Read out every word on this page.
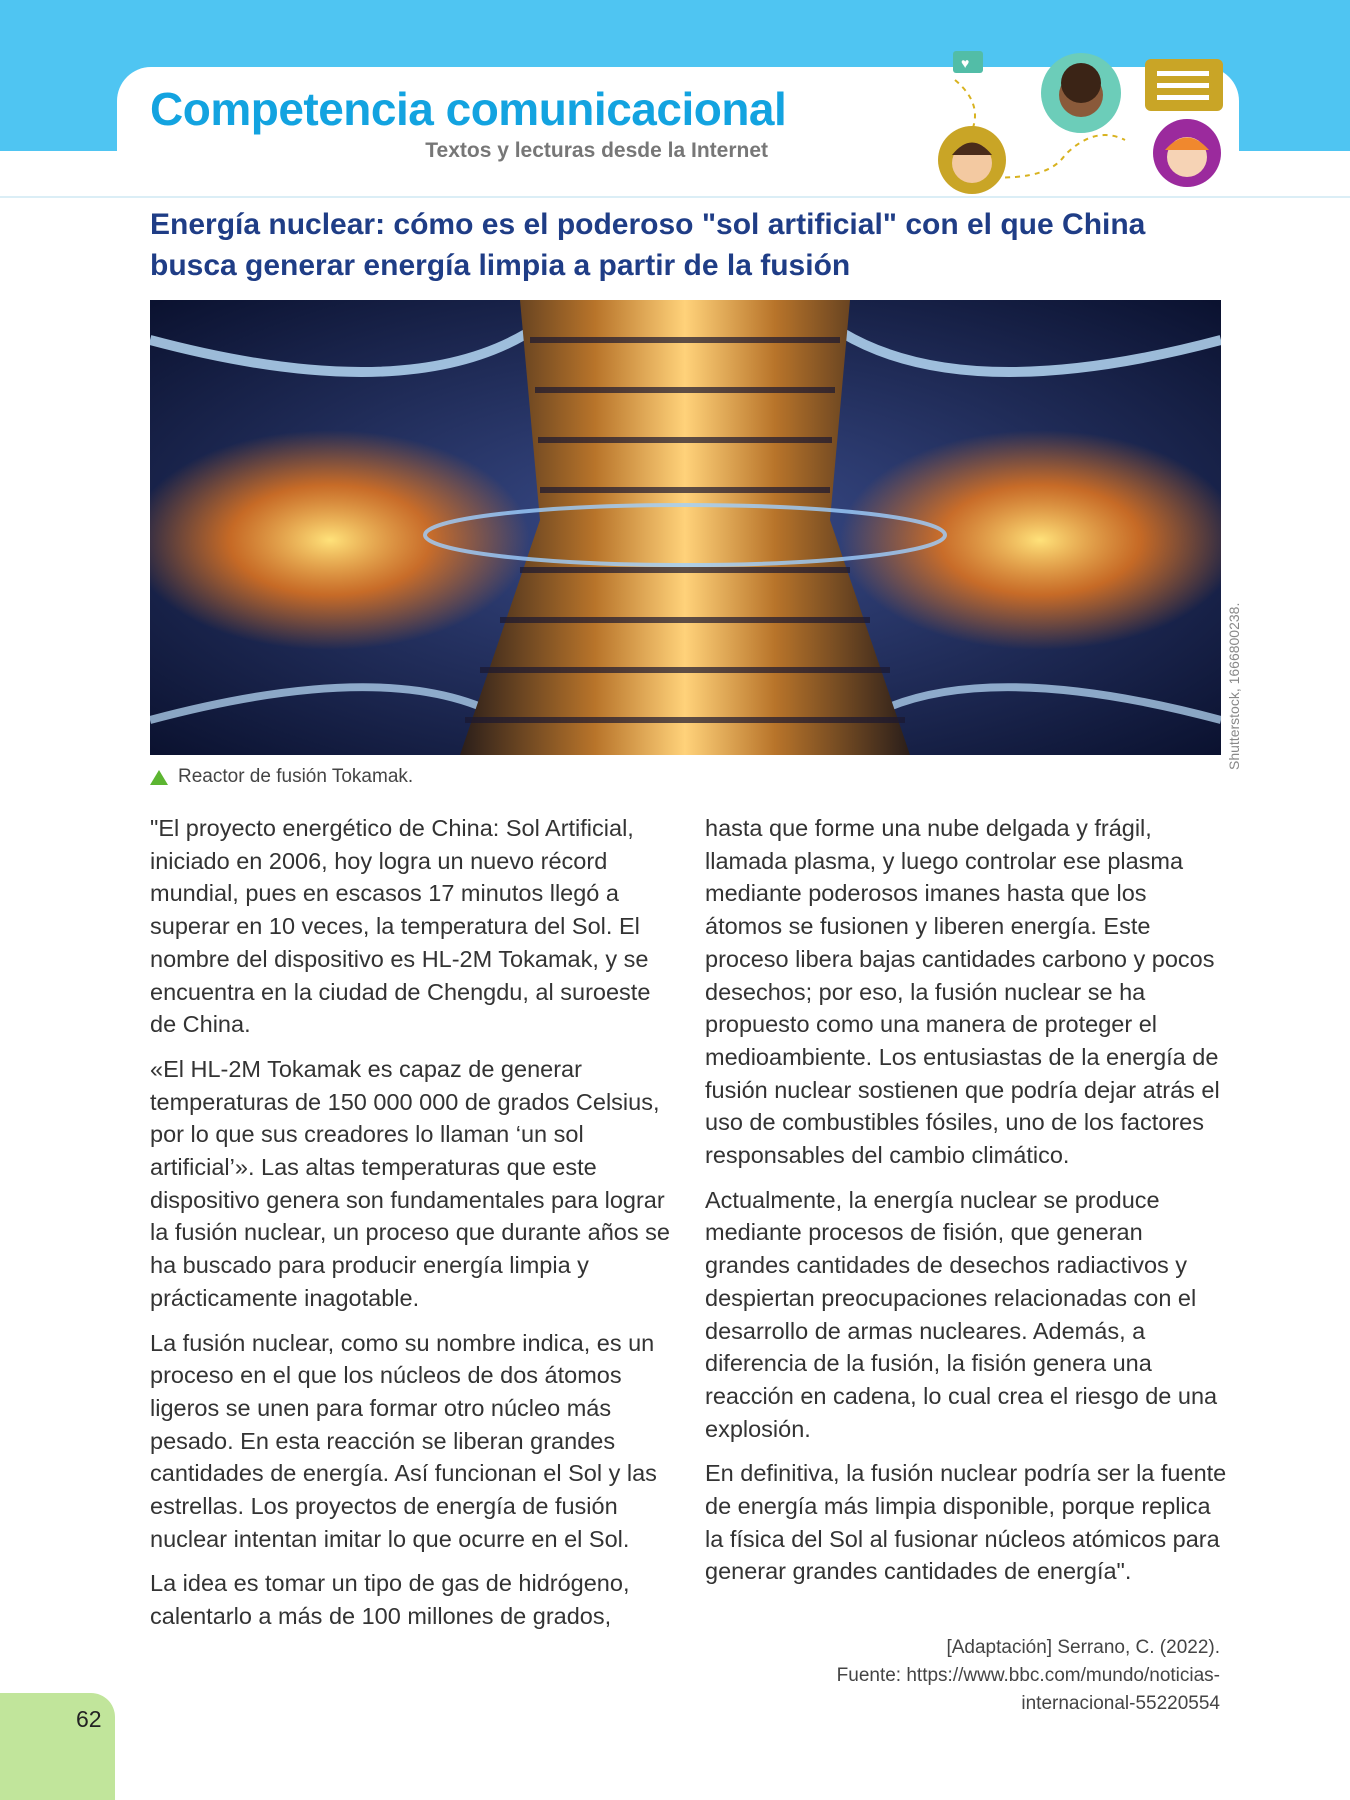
Competencia comunicacional
Textos y lecturas desde la Internet
♥
Energía nuclear: cómo es el poderoso "sol artificial" con el que China busca generar energía limpia a partir de la fusión
Shutterstock, 1666800238.
Reactor de fusión Tokamak.

"El proyecto energético de China: Sol Artificial, iniciado en 2006, hoy logra un nuevo récord mundial, pues en escasos 17 minutos llegó a superar en 10 veces, la temperatura del Sol. El nombre del dispositivo es HL-2M Tokamak, y se encuentra en la ciudad de Chengdu, al suroeste de China.

«El HL-2M Tokamak es capaz de generar temperaturas de 150 000 000 de grados Celsius, por lo que sus creadores lo llaman ‘un sol artificial’». Las altas temperaturas que este dispositivo genera son fundamentales para lograr la fusión nuclear, un proceso que durante años se ha buscado para producir energía limpia y prácticamente inagotable.

La fusión nuclear, como su nombre indica, es un proceso en el que los núcleos de dos átomos ligeros se unen para formar otro núcleo más pesado. En esta reacción se liberan grandes cantidades de energía. Así funcionan el Sol y las estrellas. Los proyectos de energía de fusión nuclear intentan imitar lo que ocurre en el Sol.

La idea es tomar un tipo de gas de hidrógeno, calentarlo a más de 100 millones de grados,

hasta que forme una nube delgada y frágil, llamada plasma, y luego controlar ese plasma mediante poderosos imanes hasta que los átomos se fusionen y liberen energía. Este proceso libera bajas cantidades carbono y pocos desechos; por eso, la fusión nuclear se ha propuesto como una manera de proteger el medioambiente. Los entusiastas de la energía de fusión nuclear sostienen que podría dejar atrás el uso de combustibles fósiles, uno de los factores responsables del cambio climático.

Actualmente, la energía nuclear se produce mediante procesos de fisión, que generan grandes cantidades de desechos radiactivos y despiertan preocupaciones relacionadas con el desarrollo de armas nucleares. Además, a diferencia de la fusión, la fisión genera una reacción en cadena, lo cual crea el riesgo de una explosión.

En definitiva, la fusión nuclear podría ser la fuente de energía más limpia disponible, porque replica la física del Sol al fusionar núcleos atómicos para generar grandes cantidades de energía".

[Adaptación] Serrano, C. (2022).
Fuente: https://www.bbc.com/mundo/noticias-
internacional-55220554
62
